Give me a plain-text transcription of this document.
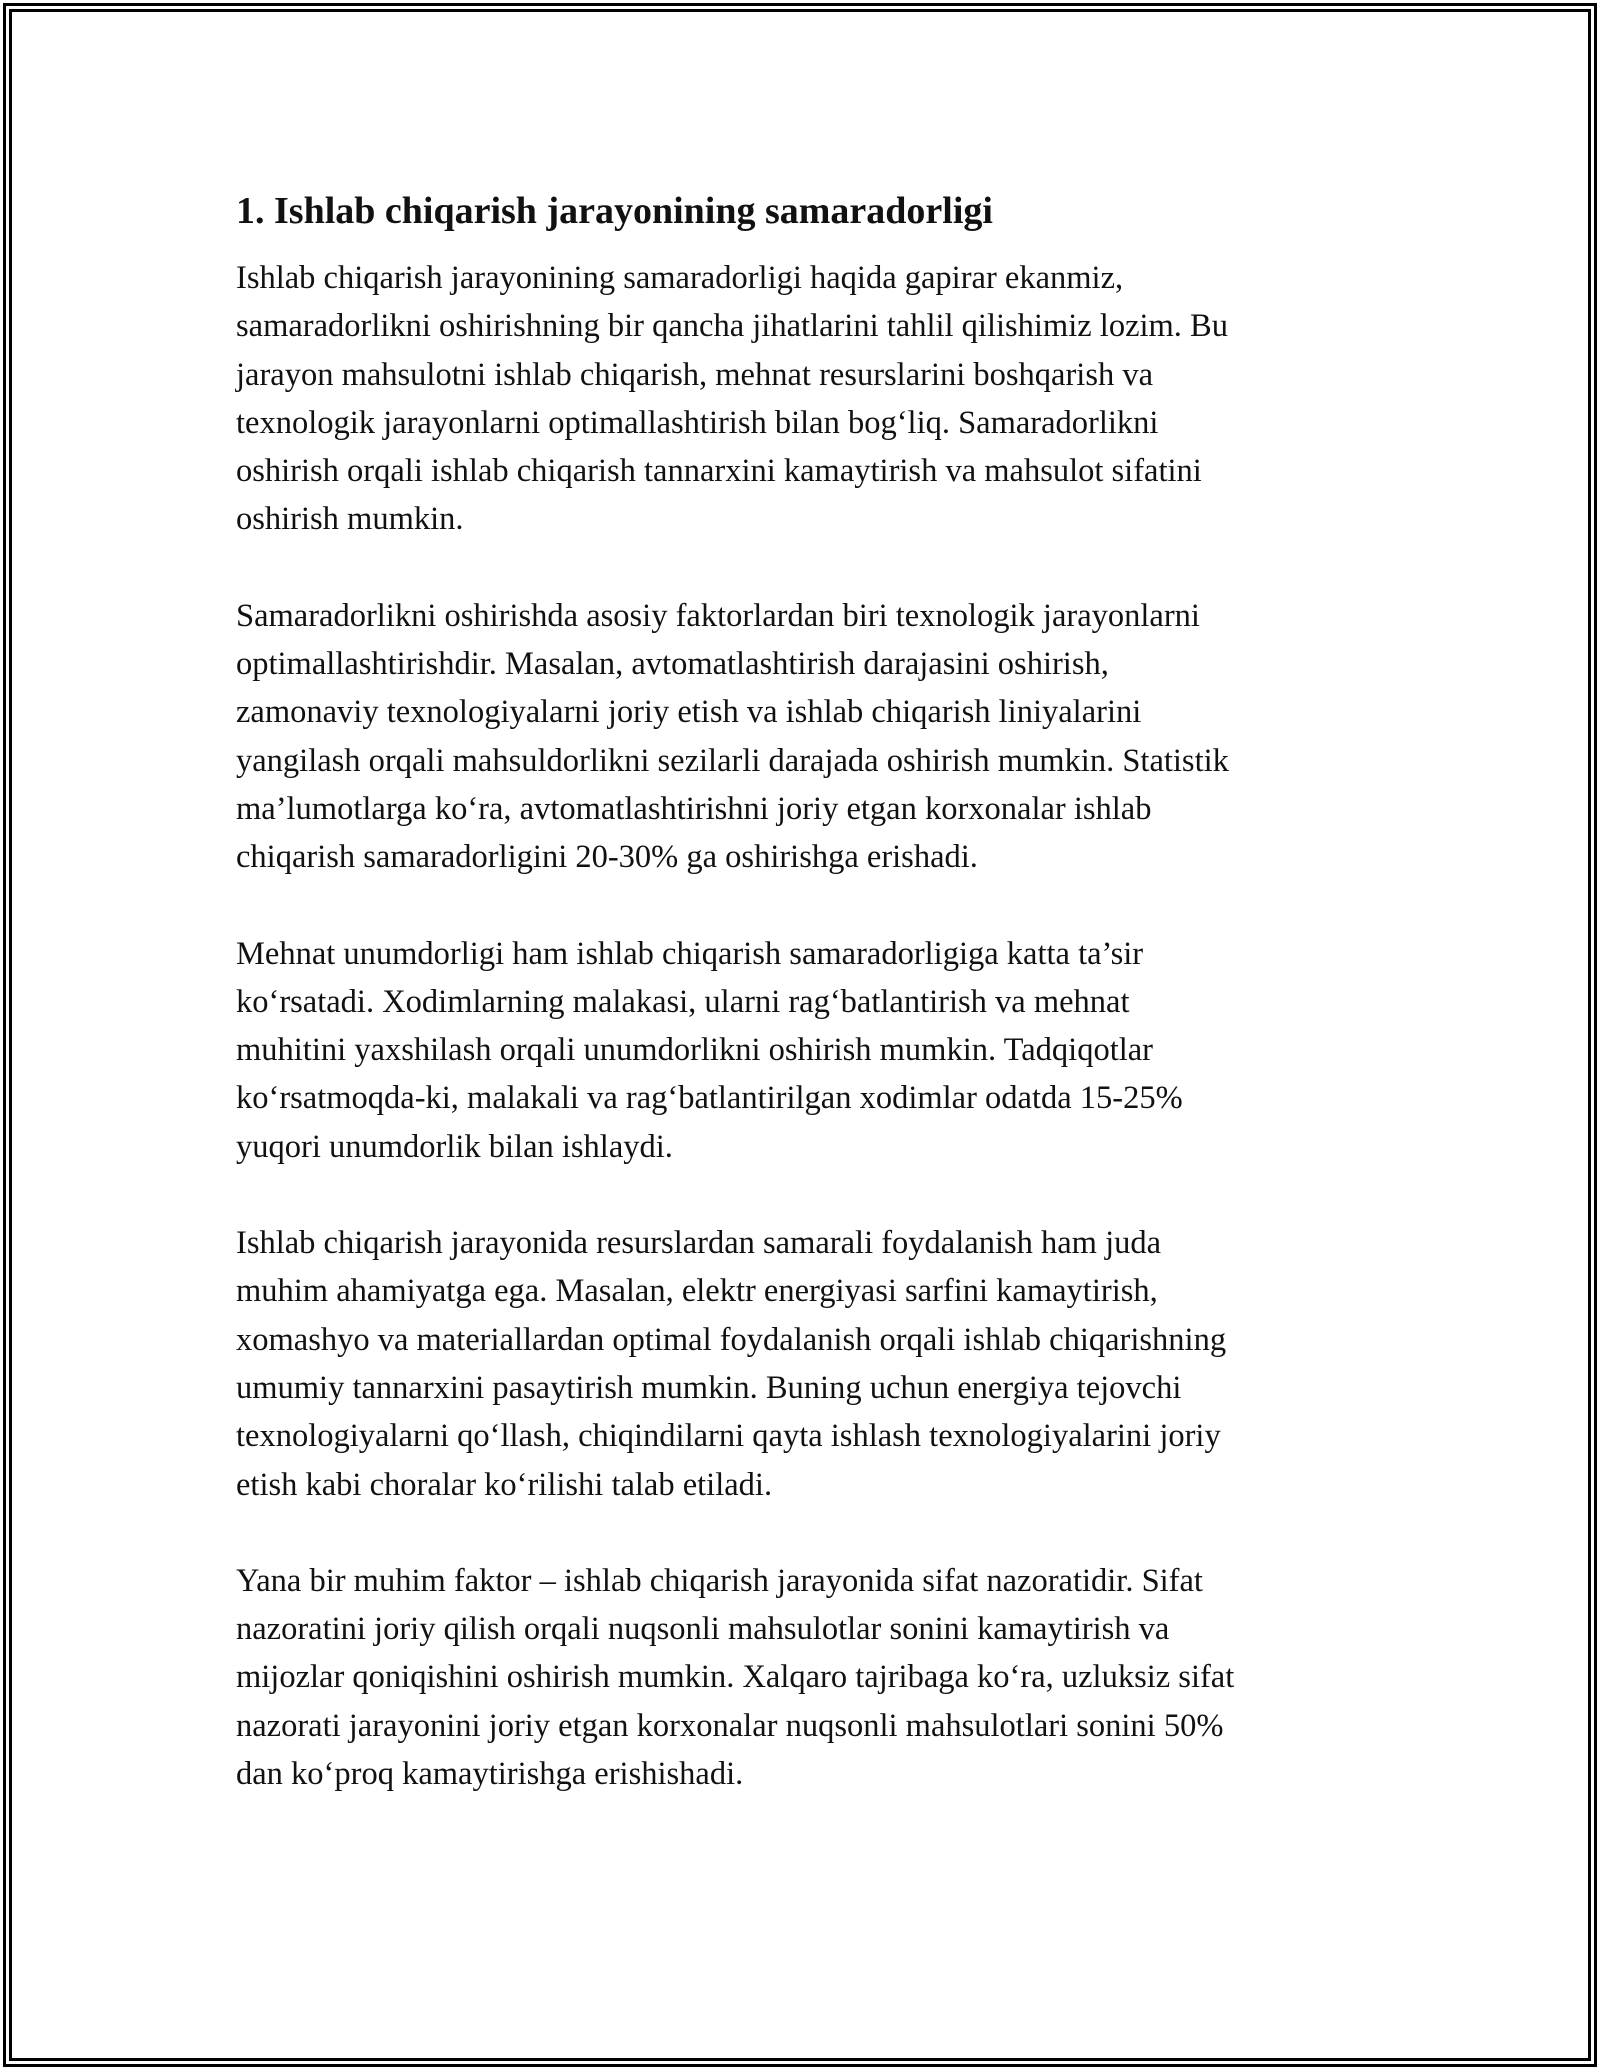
1. Ishlab chiqarish jarayonining samaradorligi
Ishlab chiqarish jarayonining samaradorligi haqida gapirar ekanmiz,
samaradorlikni oshirishning bir qancha jihatlarini tahlil qilishimiz lozim. Bu
jarayon mahsulotni ishlab chiqarish, mehnat resurslarini boshqarish va
texnologik jarayonlarni optimallashtirish bilan bog‘liq. Samaradorlikni
oshirish orqali ishlab chiqarish tannarxini kamaytirish va mahsulot sifatini
oshirish mumkin.
Samaradorlikni oshirishda asosiy faktorlardan biri texnologik jarayonlarni
optimallashtirishdir. Masalan, avtomatlashtirish darajasini oshirish,
zamonaviy texnologiyalarni joriy etish va ishlab chiqarish liniyalarini
yangilash orqali mahsuldorlikni sezilarli darajada oshirish mumkin. Statistik
ma’lumotlarga ko‘ra, avtomatlashtirishni joriy etgan korxonalar ishlab
chiqarish samaradorligini 20-30% ga oshirishga erishadi.
Mehnat unumdorligi ham ishlab chiqarish samaradorligiga katta ta’sir
ko‘rsatadi. Xodimlarning malakasi, ularni rag‘batlantirish va mehnat
muhitini yaxshilash orqali unumdorlikni oshirish mumkin. Tadqiqotlar
ko‘rsatmoqda-ki, malakali va rag‘batlantirilgan xodimlar odatda 15-25%
yuqori unumdorlik bilan ishlaydi.
Ishlab chiqarish jarayonida resurslardan samarali foydalanish ham juda
muhim ahamiyatga ega. Masalan, elektr energiyasi sarfini kamaytirish,
xomashyo va materiallardan optimal foydalanish orqali ishlab chiqarishning
umumiy tannarxini pasaytirish mumkin. Buning uchun energiya tejovchi
texnologiyalarni qo‘llash, chiqindilarni qayta ishlash texnologiyalarini joriy
etish kabi choralar ko‘rilishi talab etiladi.
Yana bir muhim faktor – ishlab chiqarish jarayonida sifat nazoratidir. Sifat
nazoratini joriy qilish orqali nuqsonli mahsulotlar sonini kamaytirish va
mijozlar qoniqishini oshirish mumkin. Xalqaro tajribaga ko‘ra, uzluksiz sifat
nazorati jarayonini joriy etgan korxonalar nuqsonli mahsulotlari sonini 50%
dan ko‘proq kamaytirishga erishishadi.
